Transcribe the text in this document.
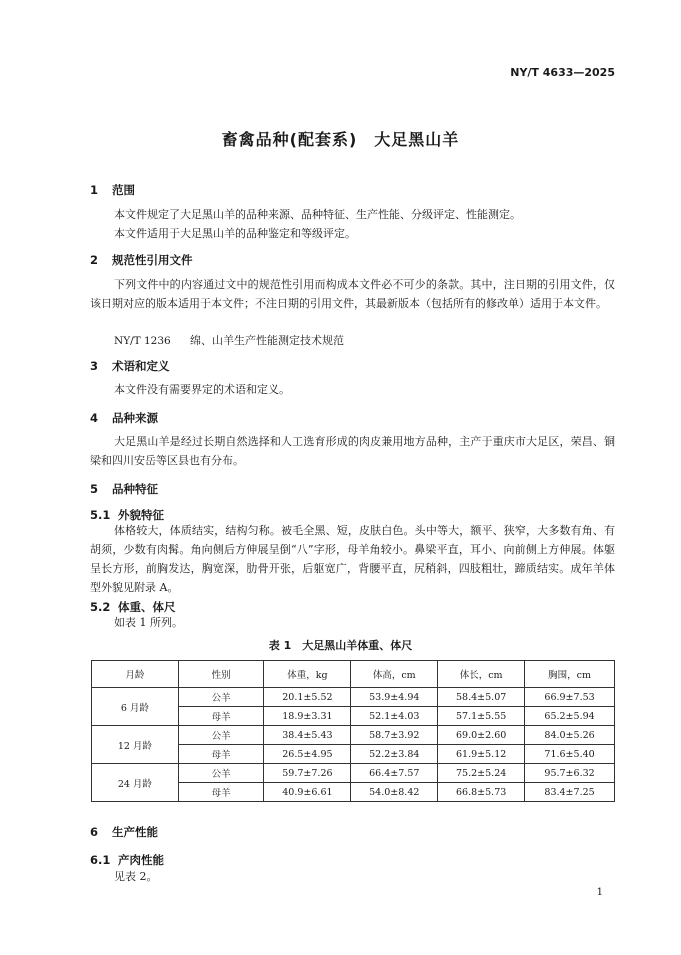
NY/T 4633—2025
畜禽品种(配套系)　大足黑山羊
1 范围
本文件规定了大足黑山羊的品种来源、品种特征、生产性能、分级评定、性能测定。
本文件适用于大足黑山羊的品种鉴定和等级评定。
2 规范性引用文件
下列文件中的内容通过文中的规范性引用而构成本文件必不可少的条款。其中，注日期的引用文件，仅该日期对应的版本适用于本文件；不注日期的引用文件，其最新版本（包括所有的修改单）适用于本文件。
NY/T 1236 绵、山羊生产性能测定技术规范
3 术语和定义
本文件没有需要界定的术语和定义。
4 品种来源
大足黑山羊是经过长期自然选择和人工选育形成的肉皮兼用地方品种，主产于重庆市大足区，荣昌、铜梁和四川安岳等区县也有分布。
5 品种特征
5.1 外貌特征
体格较大，体质结实，结构匀称。被毛全黑、短，皮肤白色。头中等大，额平、狭窄，大多数有角、有胡须，少数有肉髯。角向侧后方伸展呈倒“八”字形，母羊角较小。鼻梁平直，耳小、向前侧上方伸展。体躯呈长方形，前胸发达，胸宽深，肋骨开张，后躯宽广，背腰平直，尻稍斜，四肢粗壮，蹄质结实。成年羊体型外貌见附录 A。
5.2 体重、体尺
如表 1 所列。
表 1　大足黑山羊体重、体尺
月龄	性别	体重，kg	体高，cm	体长，cm	胸围，cm
6 月龄	公羊	20.1±5.52	53.9±4.94	58.4±5.07	66.9±7.53
	母羊	18.9±3.31	52.1±4.03	57.1±5.55	65.2±5.94
12 月龄	公羊	38.4±5.43	58.7±3.92	69.0±2.60	84.0±5.26
	母羊	26.5±4.95	52.2±3.84	61.9±5.12	71.6±5.40
24 月龄	公羊	59.7±7.26	66.4±7.57	75.2±5.24	95.7±6.32
	母羊	40.9±6.61	54.0±8.42	66.8±5.73	83.4±7.25
6 生产性能
6.1 产肉性能
见表 2。
1
